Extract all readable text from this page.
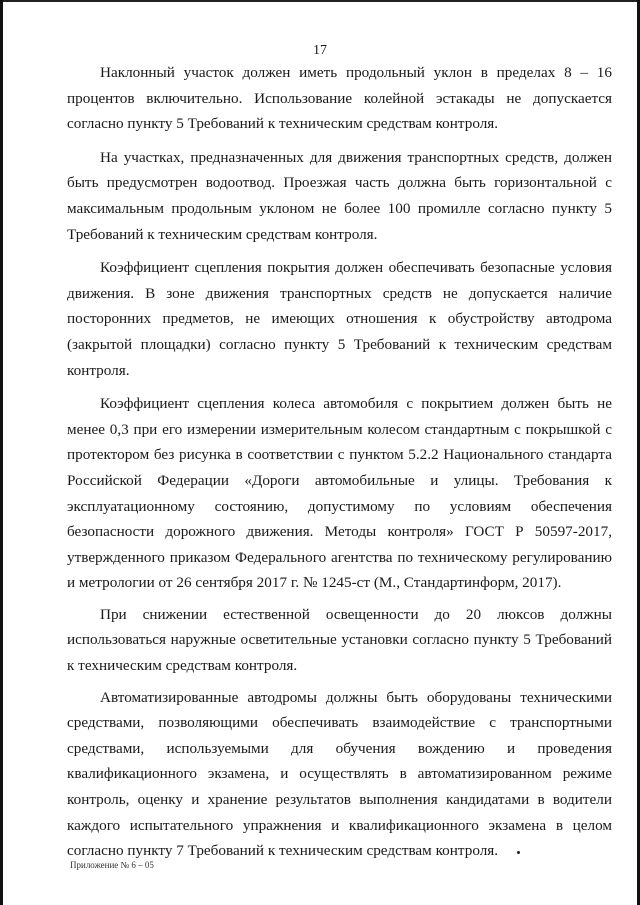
17

Наклонный участок должен иметь продольный уклон в пределах 8 – 16 процентов включительно. Использование колейной эстакады не допускается согласно пункту 5 Требований к техническим средствам контроля.

На участках, предназначенных для движения транспортных средств, должен быть предусмотрен водоотвод. Проезжая часть должна быть горизонтальной с максимальным продольным уклоном не более 100 промилле согласно пункту 5 Требований к техническим средствам контроля.

Коэффициент сцепления покрытия должен обеспечивать безопасные условия движения. В зоне движения транспортных средств не допускается наличие посторонних предметов, не имеющих отношения к обустройству автодрома (закрытой площадки) согласно пункту 5 Требований к техническим средствам контроля.

Коэффициент сцепления колеса автомобиля с покрытием должен быть не менее 0,3 при его измерении измерительным колесом стандартным с покрышкой с протектором без рисунка в соответствии с пунктом 5.2.2 Национального стандарта Российской Федерации «Дороги автомобильные и улицы. Требования к эксплуатационному состоянию, допустимому по условиям обеспечения безопасности дорожного движения. Методы контроля» ГОСТ Р 50597-2017, утвержденного приказом Федерального агентства по техническому регулированию и метрологии от 26 сентября 2017 г. № 1245-ст (М., Стандартинформ, 2017).

При снижении естественной освещенности до 20 люксов должны использоваться наружные осветительные установки согласно пункту 5 Требований к техническим средствам контроля.

Автоматизированные автодромы должны быть оборудованы техническими средствами, позволяющими обеспечивать взаимодействие с транспортными средствами, используемыми для обучения вождению и проведения квалификационного экзамена, и осуществлять в автоматизированном режиме контроль, оценку и хранение результатов выполнения кандидатами в водители каждого испытательного упражнения и квалификационного экзамена в целом согласно пункту 7 Требований к техническим средствам контроля.

Приложение № 6 – 05
